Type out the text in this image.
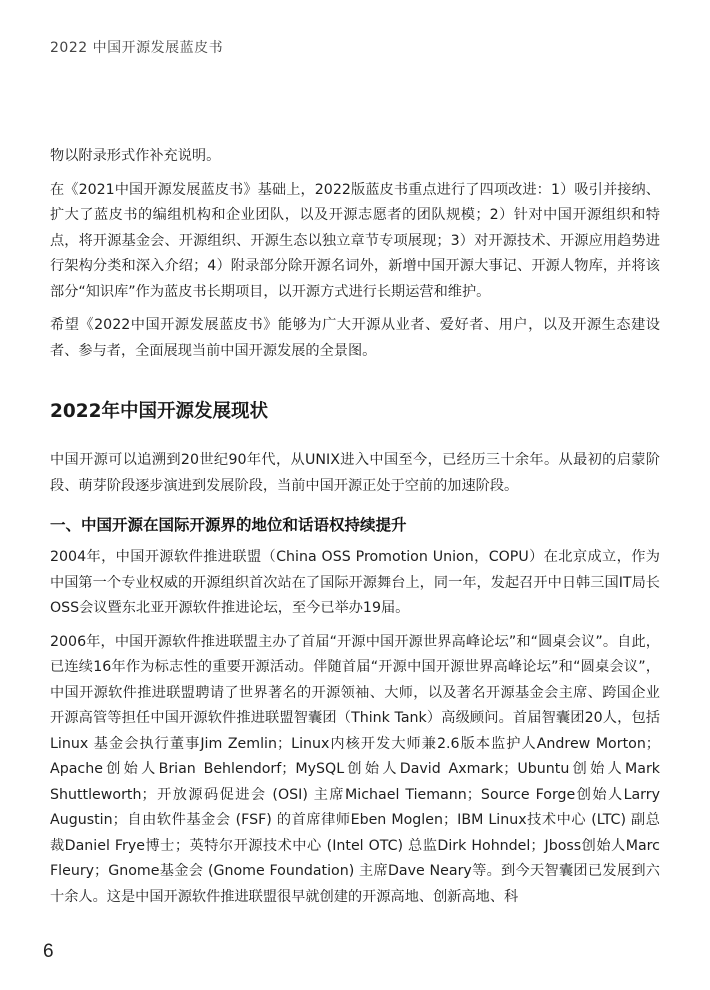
2022 中国开源发展蓝皮书

物以附录形式作补充说明。

在《2021中国开源发展蓝皮书》基础上，2022版蓝皮书重点进行了四项改进：1）吸引并接纳、扩大了蓝皮书的编组机构和企业团队，以及开源志愿者的团队规模；2）针对中国开源组织和特点，将开源基金会、开源组织、开源生态以独立章节专项展现；3）对开源技术、开源应用趋势进行架构分类和深入介绍；4）附录部分除开源名词外，新增中国开源大事记、开源人物库，并将该部分“知识库”作为蓝皮书长期项目，以开源方式进行长期运营和维护。

希望《2022中国开源发展蓝皮书》能够为广大开源从业者、爱好者、用户，以及开源生态建设者、参与者，全面展现当前中国开源发展的全景图。

2022年中国开源发展现状

中国开源可以追溯到20世纪90年代，从UNIX进入中国至今，已经历三十余年。从最初的启蒙阶段、萌芽阶段逐步演进到发展阶段，当前中国开源正处于空前的加速阶段。

一、中国开源在国际开源界的地位和话语权持续提升

2004年，中国开源软件推进联盟（China OSS Promotion Union，COPU）在北京成立，作为中国第一个专业权威的开源组织首次站在了国际开源舞台上，同一年，发起召开中日韩三国IT局长OSS会议暨东北亚开源软件推进论坛，至今已举办19届。

2006年，中国开源软件推进联盟主办了首届“开源中国开源世界高峰论坛”和“圆桌会议”。自此，已连续16年作为标志性的重要开源活动。伴随首届“开源中国开源世界高峰论坛”和“圆桌会议”，中国开源软件推进联盟聘请了世界著名的开源领袖、大师，以及著名开源基金会主席、跨国企业开源高管等担任中国开源软件推进联盟智囊团（Think Tank）高级顾问。首届智囊团20人，包括Linux 基金会执行董事Jim Zemlin；Linux内核开发大师兼2.6版本监护人Andrew Morton；Apache创始人Brian Behlendorf；MySQL创始人David Axmark；Ubuntu创始人Mark Shuttleworth；开放源码促进会 (OSI) 主席Michael Tiemann；Source Forge创始人Larry Augustin；自由软件基金会 (FSF) 的首席律师Eben Moglen；IBM Linux技术中心 (LTC) 副总裁Daniel Frye博士；英特尔开源技术中心 (Intel OTC) 总监Dirk Hohndel；Jboss创始人Marc Fleury；Gnome基金会 (Gnome Foundation) 主席Dave Neary等。到今天智囊团已发展到六十余人。这是中国开源软件推进联盟很早就创建的开源高地、创新高地、科

6
